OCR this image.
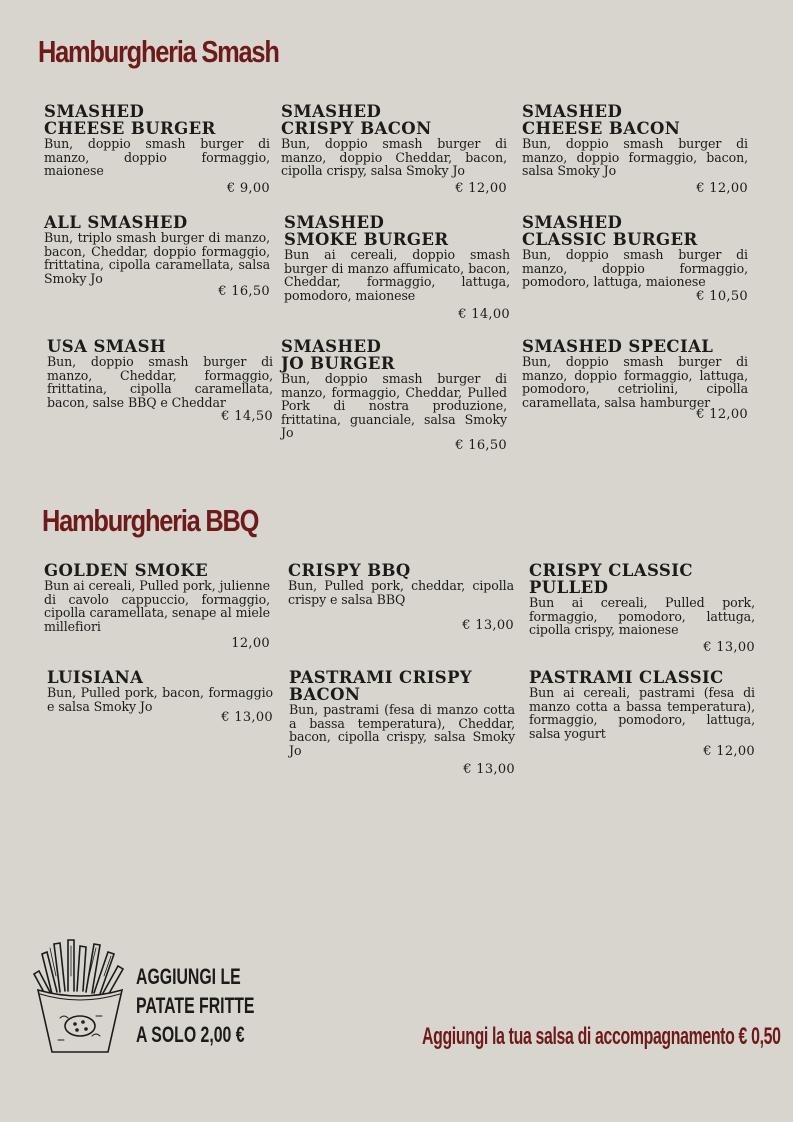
Hamburgheria Smash
SMASHED
CHEESE BURGER
Bun, doppio smash burger di manzo, doppio formaggio, maionese
€ 9,00
SMASHED
CRISPY BACON
Bun, doppio smash burger di manzo, doppio Cheddar, bacon, cipolla crispy, salsa Smoky Jo
€ 12,00
SMASHED
CHEESE BACON
Bun, doppio smash burger di manzo, doppio formaggio, bacon, salsa Smoky Jo
€ 12,00
ALL SMASHED
Bun, triplo smash burger di manzo, bacon, Cheddar, doppio formaggio, frittatina, cipolla caramellata, salsa Smoky Jo
€ 16,50
SMASHED
SMOKE BURGER
Bun ai cereali, doppio smash burger di manzo affumicato, bacon, Cheddar, formaggio, lattuga, pomodoro, maionese
€ 14,00
SMASHED
CLASSIC BURGER
Bun, doppio smash burger di manzo, doppio formaggio, pomodoro, lattuga, maionese
€ 10,50
USA SMASH
Bun, doppio smash burger di manzo, Cheddar, formaggio, frittatina, cipolla caramellata, bacon, salse BBQ e Cheddar
€ 14,50
SMASHED
JO BURGER
Bun, doppio smash burger di manzo, formaggio, Cheddar, Pulled Pork di nostra produzione, frittatina, guanciale, salsa Smoky Jo
€ 16,50
SMASHED SPECIAL
Bun, doppio smash burger di manzo, doppio formaggio, lattuga, pomodoro, cetriolini, cipolla caramellata, salsa hamburger
€ 12,00
Hamburgheria BBQ
GOLDEN SMOKE
Bun ai cereali, Pulled pork, julienne di cavolo cappuccio, formaggio, cipolla caramellata, senape al miele millefiori
12,00
CRISPY BBQ
Bun, Pulled pork, cheddar, cipolla crispy e salsa BBQ
€ 13,00
CRISPY CLASSIC
PULLED
Bun ai cereali, Pulled pork, formaggio, pomodoro, lattuga, cipolla crispy, maionese
€ 13,00
LUISIANA
Bun, Pulled pork, bacon, formaggio e salsa Smoky Jo
€ 13,00
PASTRAMI CRISPY
BACON
Bun, pastrami (fesa di manzo cotta a bassa temperatura), Cheddar, bacon, cipolla crispy, salsa Smoky Jo
€ 13,00
PASTRAMI CLASSIC
Bun ai cereali, pastrami (fesa di manzo cotta a bassa temperatura), formaggio, pomodoro, lattuga, salsa yogurt
€ 12,00
AGGIUNGI LE
PATATE FRITTE
A SOLO 2,00 €	Aggiungi la tua salsa di accompagnamento € 0,50
